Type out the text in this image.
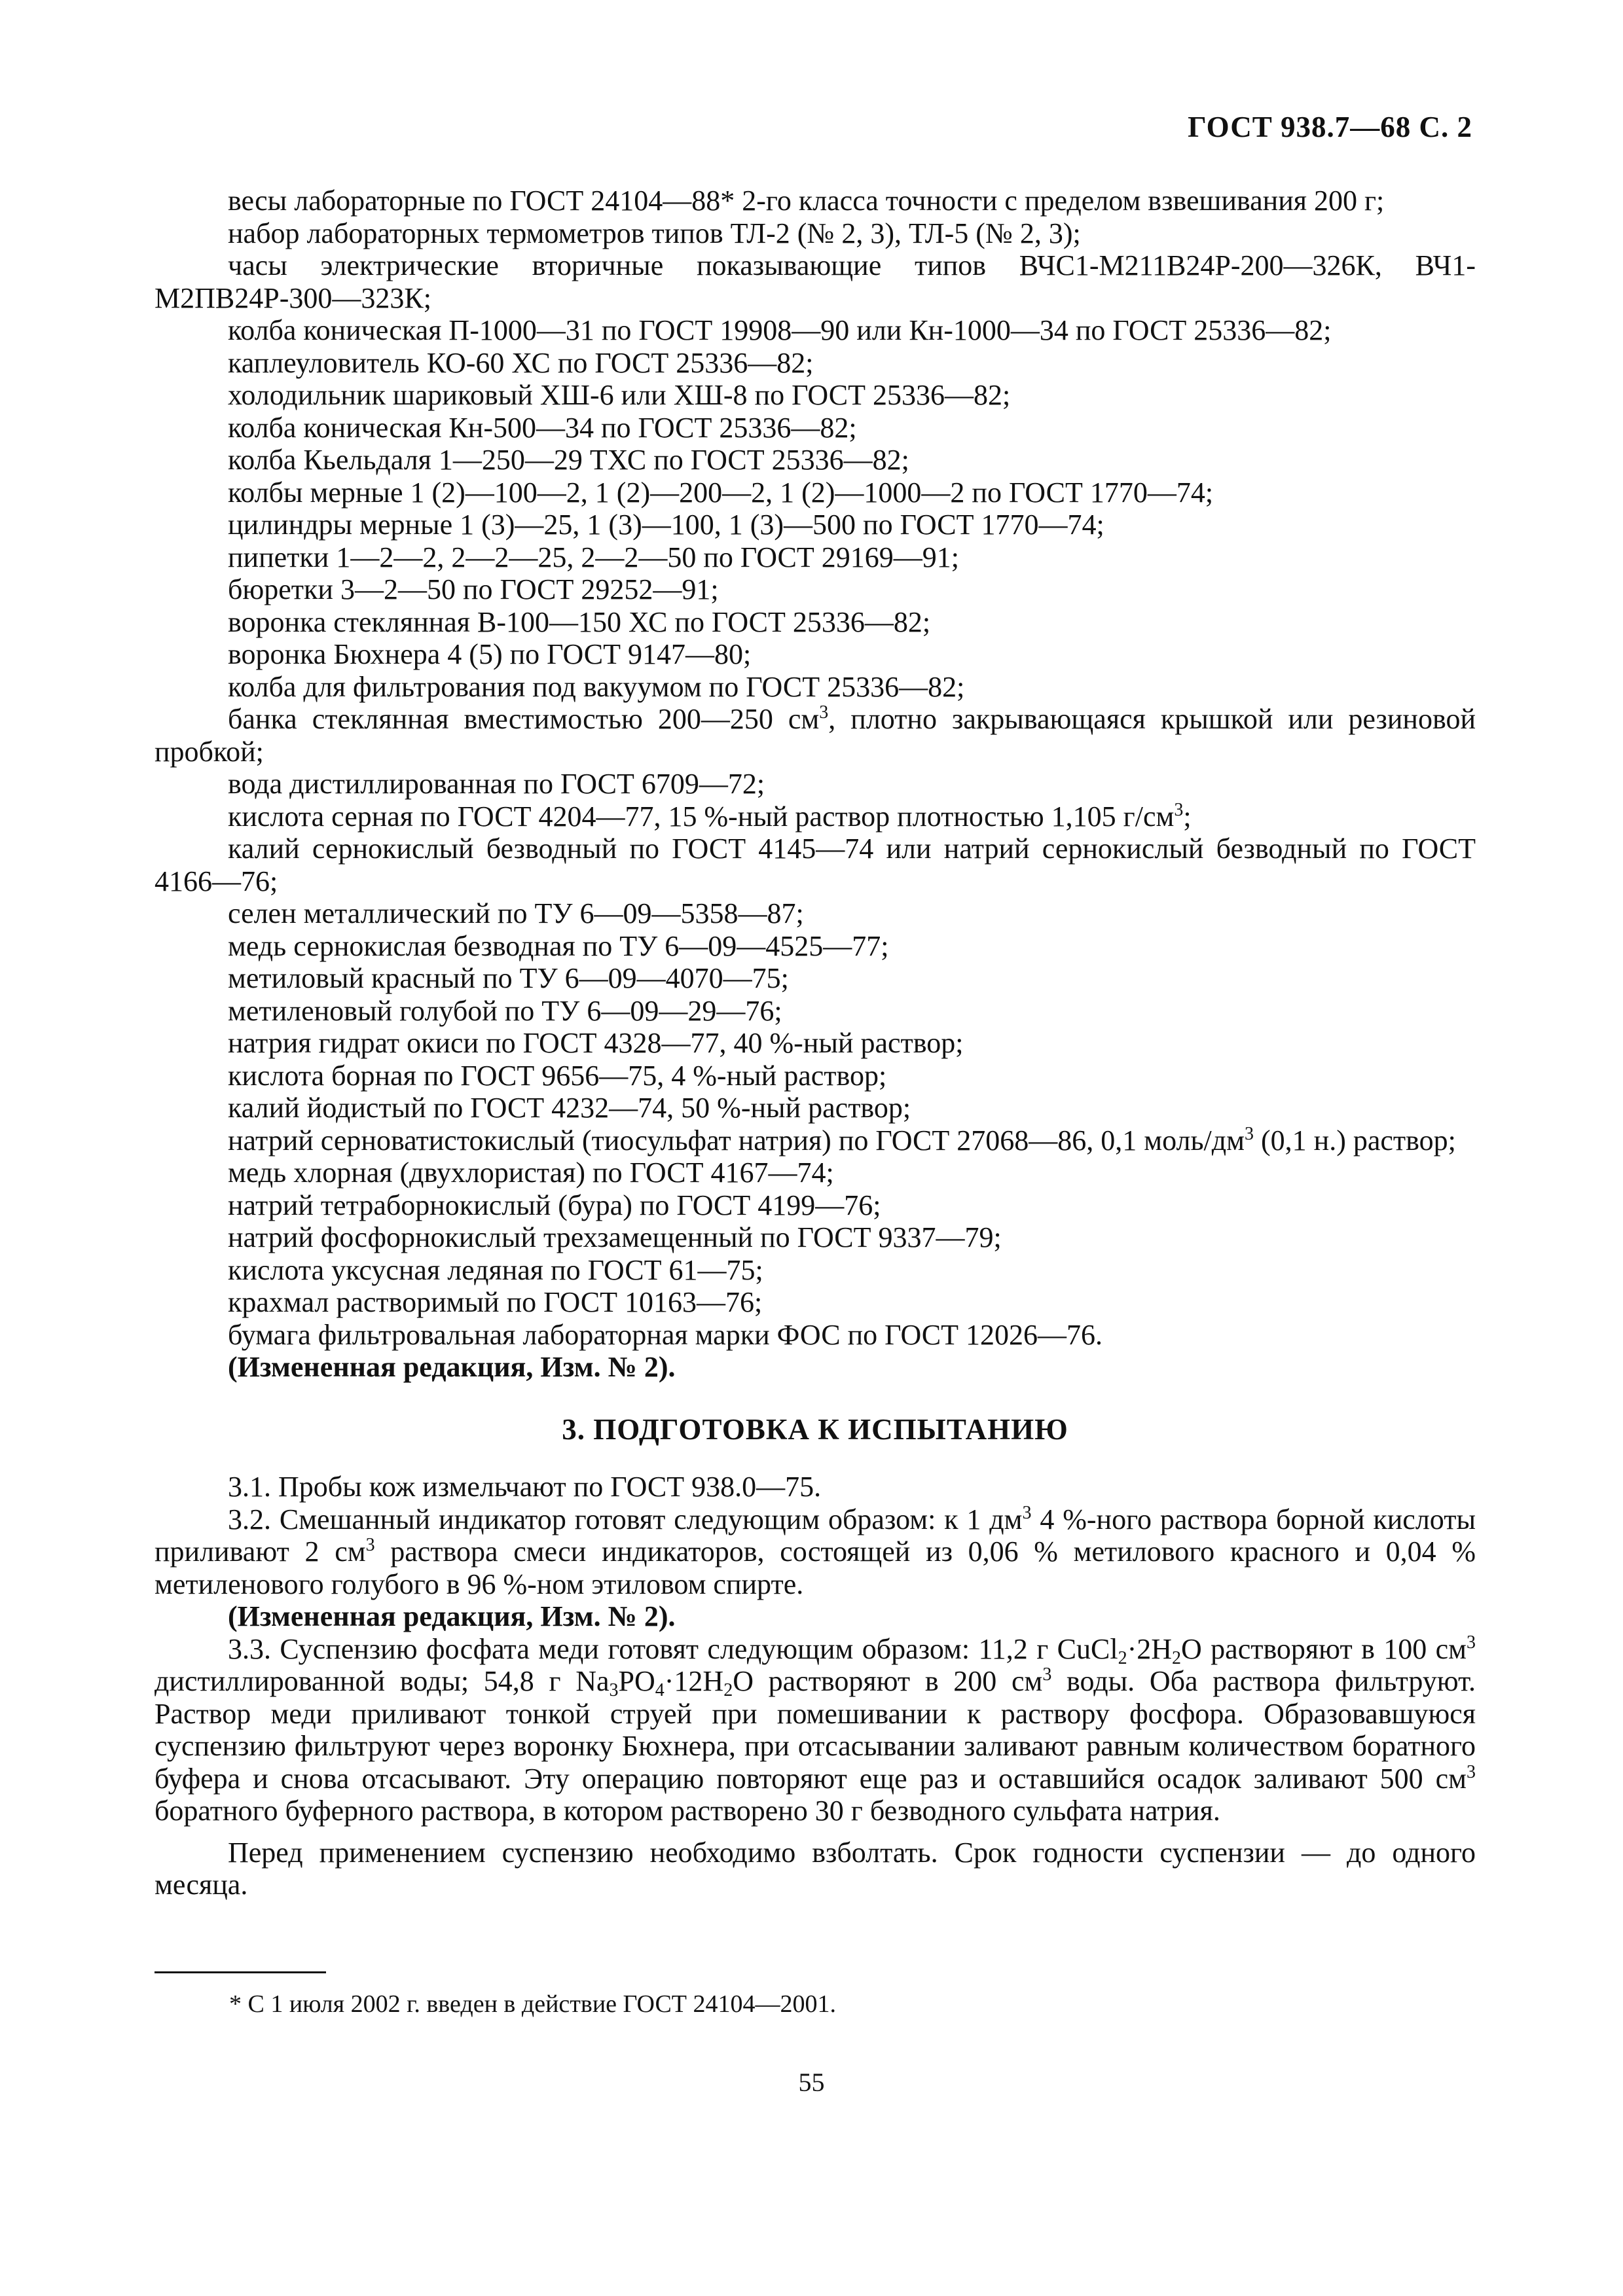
ГОСТ 938.7—68 С. 2

весы лабораторные по ГОСТ 24104—88* 2-го класса точности с пределом взвешивания 200 г;

набор лабораторных термометров типов ТЛ-2 (№ 2, 3), ТЛ-5 (№ 2, 3);

часы электрические вторичные показывающие типов ВЧС1-М211В24Р-200—326К, ВЧ1-М2ПВ24Р-300—323К;

колба коническая П-1000—31 по ГОСТ 19908—90 или Кн-1000—34 по ГОСТ 25336—82;

каплеуловитель КО-60 ХС по ГОСТ 25336—82;

холодильник шариковый ХШ-6 или ХШ-8 по ГОСТ 25336—82;

колба коническая Кн-500—34 по ГОСТ 25336—82;

колба Кьельдаля 1—250—29 ТХС по ГОСТ 25336—82;

колбы мерные 1 (2)—100—2, 1 (2)—200—2, 1 (2)—1000—2 по ГОСТ 1770—74;

цилиндры мерные 1 (3)—25, 1 (3)—100, 1 (3)—500 по ГОСТ 1770—74;

пипетки 1—2—2, 2—2—25, 2—2—50 по ГОСТ 29169—91;

бюретки 3—2—50 по ГОСТ 29252—91;

воронка стеклянная В-100—150 ХС по ГОСТ 25336—82;

воронка Бюхнера 4 (5) по ГОСТ 9147—80;

колба для фильтрования под вакуумом по ГОСТ 25336—82;

банка стеклянная вместимостью 200—250 $см^3$, плотно закрывающаяся крышкой или резиновой пробкой;

вода дистиллированная по ГОСТ 6709—72;

кислота серная по ГОСТ 4204—77, 15 %-ный раствор плотностью 1,105 $г/см^3$;

калий сернокислый безводный по ГОСТ 4145—74 или натрий сернокислый безводный по ГОСТ 4166—76;

селен металлический по ТУ 6—09—5358—87;

медь сернокислая безводная по ТУ 6—09—4525—77;

метиловый красный по ТУ 6—09—4070—75;

метиленовый голубой по ТУ 6—09—29—76;

натрия гидрат окиси по ГОСТ 4328—77, 40 %-ный раствор;

кислота борная по ГОСТ 9656—75, 4 %-ный раствор;

калий йодистый по ГОСТ 4232—74, 50 %-ный раствор;

натрий серноватистокислый (тиосульфат натрия) по ГОСТ 27068—86, 0,1 моль/$дм^3$ (0,1 н.) раствор;

медь хлорная (двухлористая) по ГОСТ 4167—74;

натрий тетраборнокислый (бура) по ГОСТ 4199—76;

натрий фосфорнокислый трехзамещенный по ГОСТ 9337—79;

кислота уксусная ледяная по ГОСТ 61—75;

крахмал растворимый по ГОСТ 10163—76;

бумага фильтровальная лабораторная марки ФОС по ГОСТ 12026—76.

(Измененная редакция, Изм. № 2).

3. ПОДГОТОВКА К ИСПЫТАНИЮ

3.1. Пробы кож измельчают по ГОСТ 938.0—75.

3.2. Смешанный индикатор готовят следующим образом: к 1 $дм^3$ 4 %-ного раствора борной кислоты приливают 2 $см^3$ раствора смеси индикаторов, состоящей из 0,06 % метилового красного и 0,04 % метиленового голубого в 96 %-ном этиловом спирте.

(Измененная редакция, Изм. № 2).

3.3. Суспензию фосфата меди готовят следующим образом: 11,2 г $CuCl_2\cdot 2H_2O$ растворяют в 100 $см^3$ дистиллированной воды; 54,8 г $Na_3PO_4\cdot 12H_2O$ растворяют в 200 $см^3$ воды. Оба раствора фильтруют. Раствор меди приливают тонкой струей при помешивании к раствору фосфора. Образовавшуюся суспензию фильтруют через воронку Бюхнера, при отсасывании заливают равным количеством боратного буфера и снова отсасывают. Эту операцию повторяют еще раз и оставшийся осадок заливают 500 $см^3$ боратного буферного раствора, в котором растворено 30 г безводного сульфата натрия.

Перед применением суспензию необходимо взболтать. Срок годности суспензии — до одного месяца.

* С 1 июля 2002 г. введен в действие ГОСТ 24104—2001.
55
